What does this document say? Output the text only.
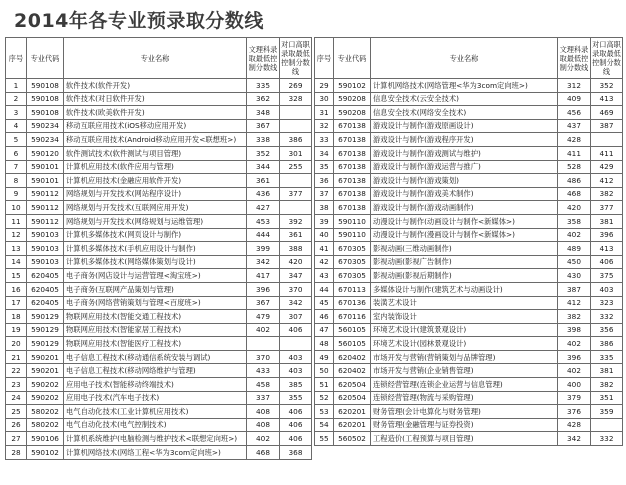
2014年各专业预录取分数线
序号	专业代码	专业名称	文理科录取最低控制分数线	对口高职录取最低控制分数线
1	590108	软件技术(软件开发)	335	269
2	590108	软件技术(对日软件开发)	362	328
3	590108	软件技术(欧美软件开发)	348	
4	590234	移动互联应用技术(iOS移动应用开发)	367	
5	590234	移动互联应用技术(Android移动应用开发<联想班>)	338	386
6	590120	软件测试技术(软件测试与项目管理)	352	301
7	590101	计算机应用技术(软件应用与管理)	344	255
8	590101	计算机应用技术(金融应用软件开发)	361	
9	590112	网络规划与开发技术(网站程序设计)	436	377
10	590112	网络规划与开发技术(互联网应用开发)	427	
11	590112	网络规划与开发技术(网络规划与运维管理)	453	392
12	590103	计算机多媒体技术(网页设计与制作)	444	361
13	590103	计算机多媒体技术(手机应用设计与制作)	399	388
14	590103	计算机多媒体技术(网络媒体策划与设计)	342	420
15	620405	电子商务(网店设计与运营管理<淘宝班>)	417	347
16	620405	电子商务(互联网产品策划与管理)	396	370
17	620405	电子商务(网络营销策划与管理<百度班>)	367	342
18	590129	物联网应用技术(智能交通工程技术)	479	307
19	590129	物联网应用技术(智能家居工程技术)	402	406
20	590129	物联网应用技术(智能医疗工程技术)		
21	590201	电子信息工程技术(移动通信系统安装与调试)	370	403
22	590201	电子信息工程技术(移动网络维护与管理)	433	403
23	590202	应用电子技术(智能移动终端技术)	458	385
24	590202	应用电子技术(汽车电子技术)	337	355
25	580202	电气自动化技术(工业计算机应用技术)	408	406
26	580202	电气自动化技术(电气控制技术)	408	406
27	590106	计算机系统维护(电脑检测与维护技术<联想定向班>)	402	406
28	590102	计算机网络技术(网络工程<华为3com定向班>)	468	368
序号	专业代码	专业名称	文理科录取最低控制分数线	对口高职录取最低控制分数线
29	590102	计算机网络技术(网络管理<华为3com定向班>)	312	352
30	590208	信息安全技术(云安全技术)	409	413
31	590208	信息安全技术(网络安全技术)	456	469
32	670138	游戏设计与制作(游戏原画设计)	437	387
33	670138	游戏设计与制作(游戏程序开发)	428	
34	670138	游戏设计与制作(游戏测试与维护)	411	411
35	670138	游戏设计与制作(游戏运营与推广)	528	429
36	670138	游戏设计与制作(游戏策划)	486	412
37	670138	游戏设计与制作(游戏美术制作)	468	382
38	670138	游戏设计与制作(游戏动画制作)	420	377
39	590110	动漫设计与制作(动画设计与制作<新媒体>)	358	381
40	590110	动漫设计与制作(漫画设计与制作<新媒体>)	402	396
41	670305	影视动画(三维动画制作)	489	413
42	670305	影视动画(影视广告制作)	450	406
43	670305	影视动画(影视后期制作)	430	375
44	670113	多媒体设计与制作(建筑艺术与动画设计)	387	403
45	670136	装潢艺术设计	412	323
46	670116	室内装饰设计	382	332
47	560105	环境艺术设计(建筑景观设计)	398	356
48	560105	环境艺术设计(园林景观设计)	402	386
49	620402	市场开发与营销(营销策划与品牌管理)	396	335
50	620402	市场开发与营销(企业销售管理)	402	381
51	620504	连锁经营管理(连锁企业运营与信息管理)	400	382
52	620504	连锁经营管理(物流与采购管理)	379	351
53	620201	财务管理(会计电算化与财务管理)	376	359
54	620201	财务管理(金融管理与证券投资)	428	
55	560502	工程造价(工程预算与项目管理)	342	332
